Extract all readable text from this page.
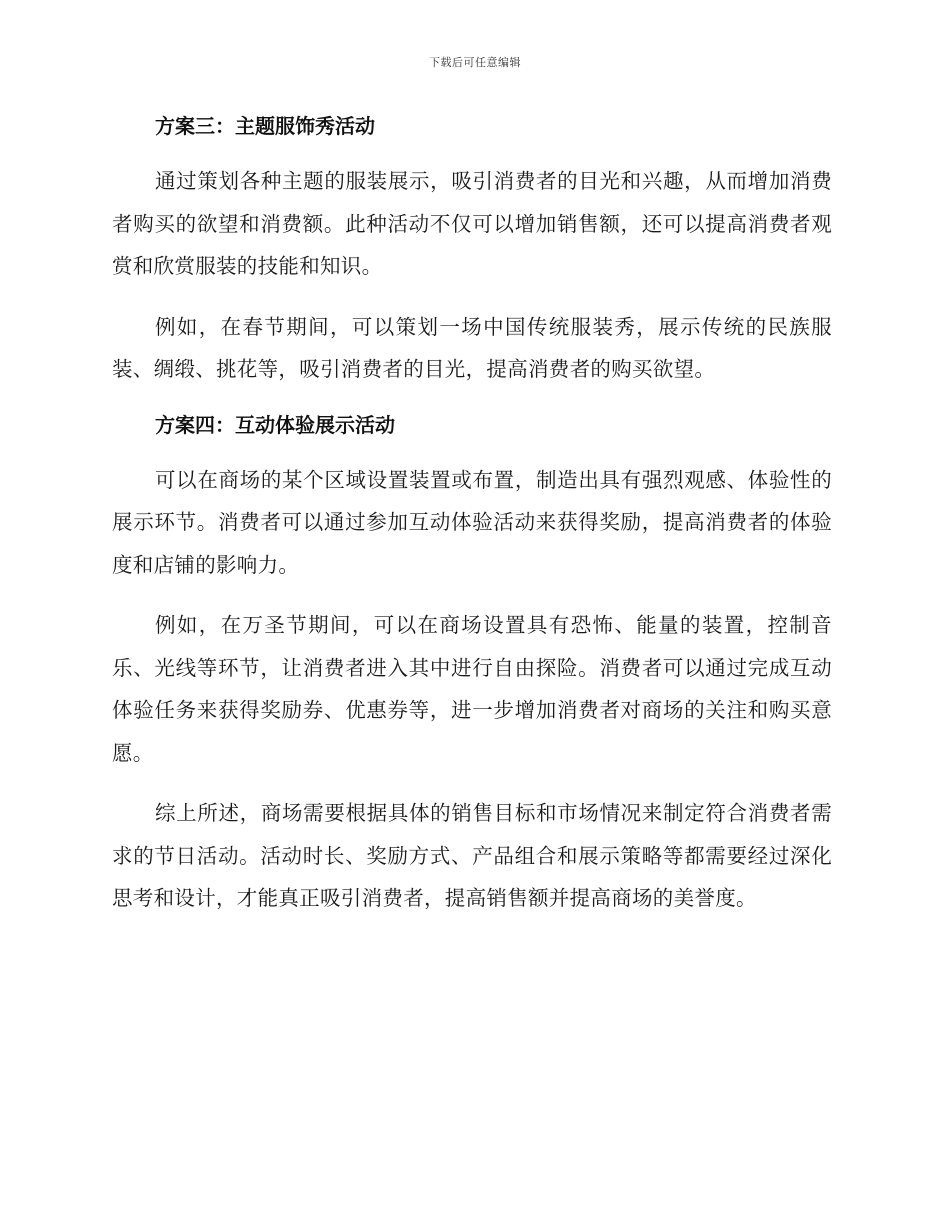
下载后可任意编辑
方案三：主题服饰秀活动

通过策划各种主题的服装展示，吸引消费者的目光和兴趣，从而增加消费者购买的欲望和消费额。此种活动不仅可以增加销售额，还可以提高消费者观赏和欣赏服装的技能和知识。

例如，在春节期间，可以策划一场中国传统服装秀，展示传统的民族服装、绸缎、挑花等，吸引消费者的目光，提高消费者的购买欲望。

方案四：互动体验展示活动

可以在商场的某个区域设置装置或布置，制造出具有强烈观感、体验性的展示环节。消费者可以通过参加互动体验活动来获得奖励，提高消费者的体验度和店铺的影响力。

例如，在万圣节期间，可以在商场设置具有恐怖、能量的装置，控制音乐、光线等环节，让消费者进入其中进行自由探险。消费者可以通过完成互动体验任务来获得奖励券、优惠券等，进一步增加消费者对商场的关注和购买意愿。

综上所述，商场需要根据具体的销售目标和市场情况来制定符合消费者需求的节日活动。活动时长、奖励方式、产品组合和展示策略等都需要经过深化思考和设计，才能真正吸引消费者，提高销售额并提高商场的美誉度。
